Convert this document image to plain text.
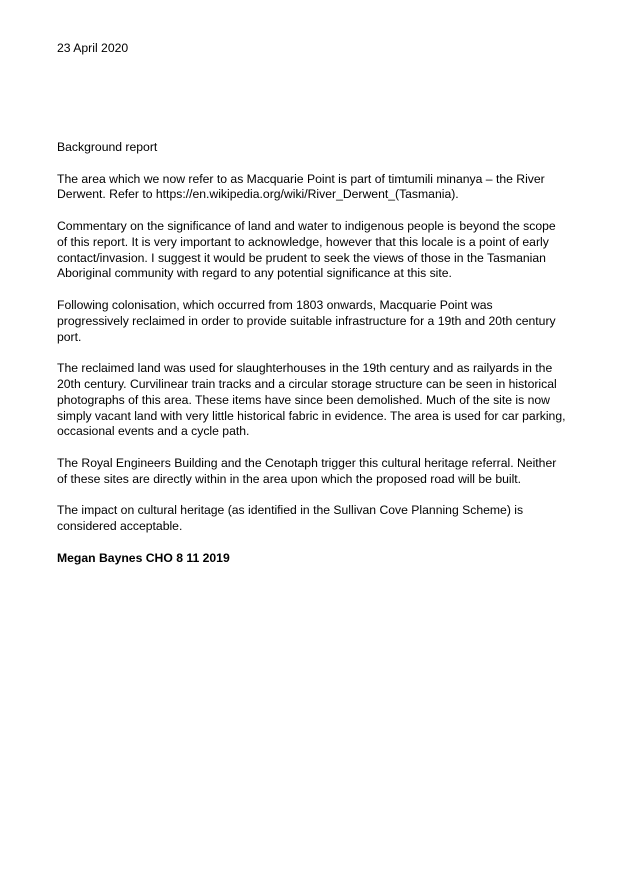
23 April 2020

Background report

The area which we now refer to as Macquarie Point is part of timtumili minanya – the River Derwent. Refer to https://en.wikipedia.org/wiki/River_Derwent_(Tasmania).

Commentary on the significance of land and water to indigenous people is beyond the scope of this report. It is very important to acknowledge, however that this locale is a point of early contact/invasion. I suggest it would be prudent to seek the views of those in the Tasmanian Aboriginal community with regard to any potential significance at this site.

Following colonisation, which occurred from 1803 onwards, Macquarie Point was progressively reclaimed in order to provide suitable infrastructure for a 19th and 20th century port.

The reclaimed land was used for slaughterhouses in the 19th century and as railyards in the 20th century. Curvilinear train tracks and a circular storage structure can be seen in historical photographs of this area. These items have since been demolished. Much of the site is now simply vacant land with very little historical fabric in evidence. The area is used for car parking, occasional events and a cycle path.

The Royal Engineers Building and the Cenotaph trigger this cultural heritage referral. Neither of these sites are directly within in the area upon which the proposed road will be built.

The impact on cultural heritage (as identified in the Sullivan Cove Planning Scheme) is considered acceptable.

Megan Baynes CHO 8 11 2019
